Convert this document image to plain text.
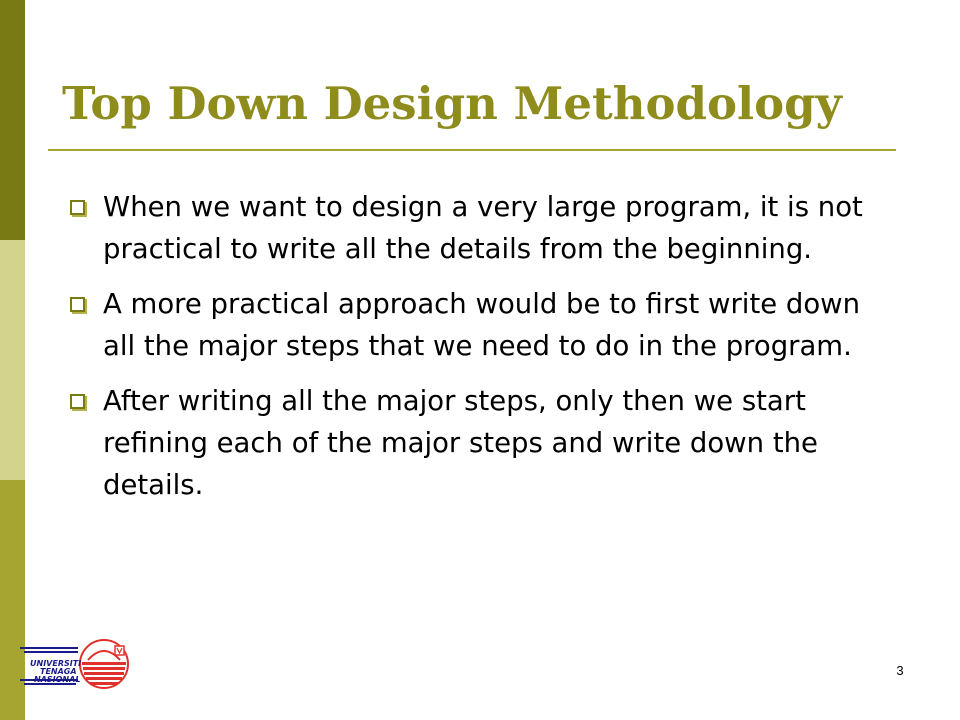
Top Down Design Methodology
When we want to design a very large program, it is not practical to write all the details from the beginning.
A more practical approach would be to first write down all the major steps that we need to do in the program.
After writing all the major steps, only then we start refining each of the major steps and write down the details.
UNIVERSITI
TENAGA
NASIONAL
3
